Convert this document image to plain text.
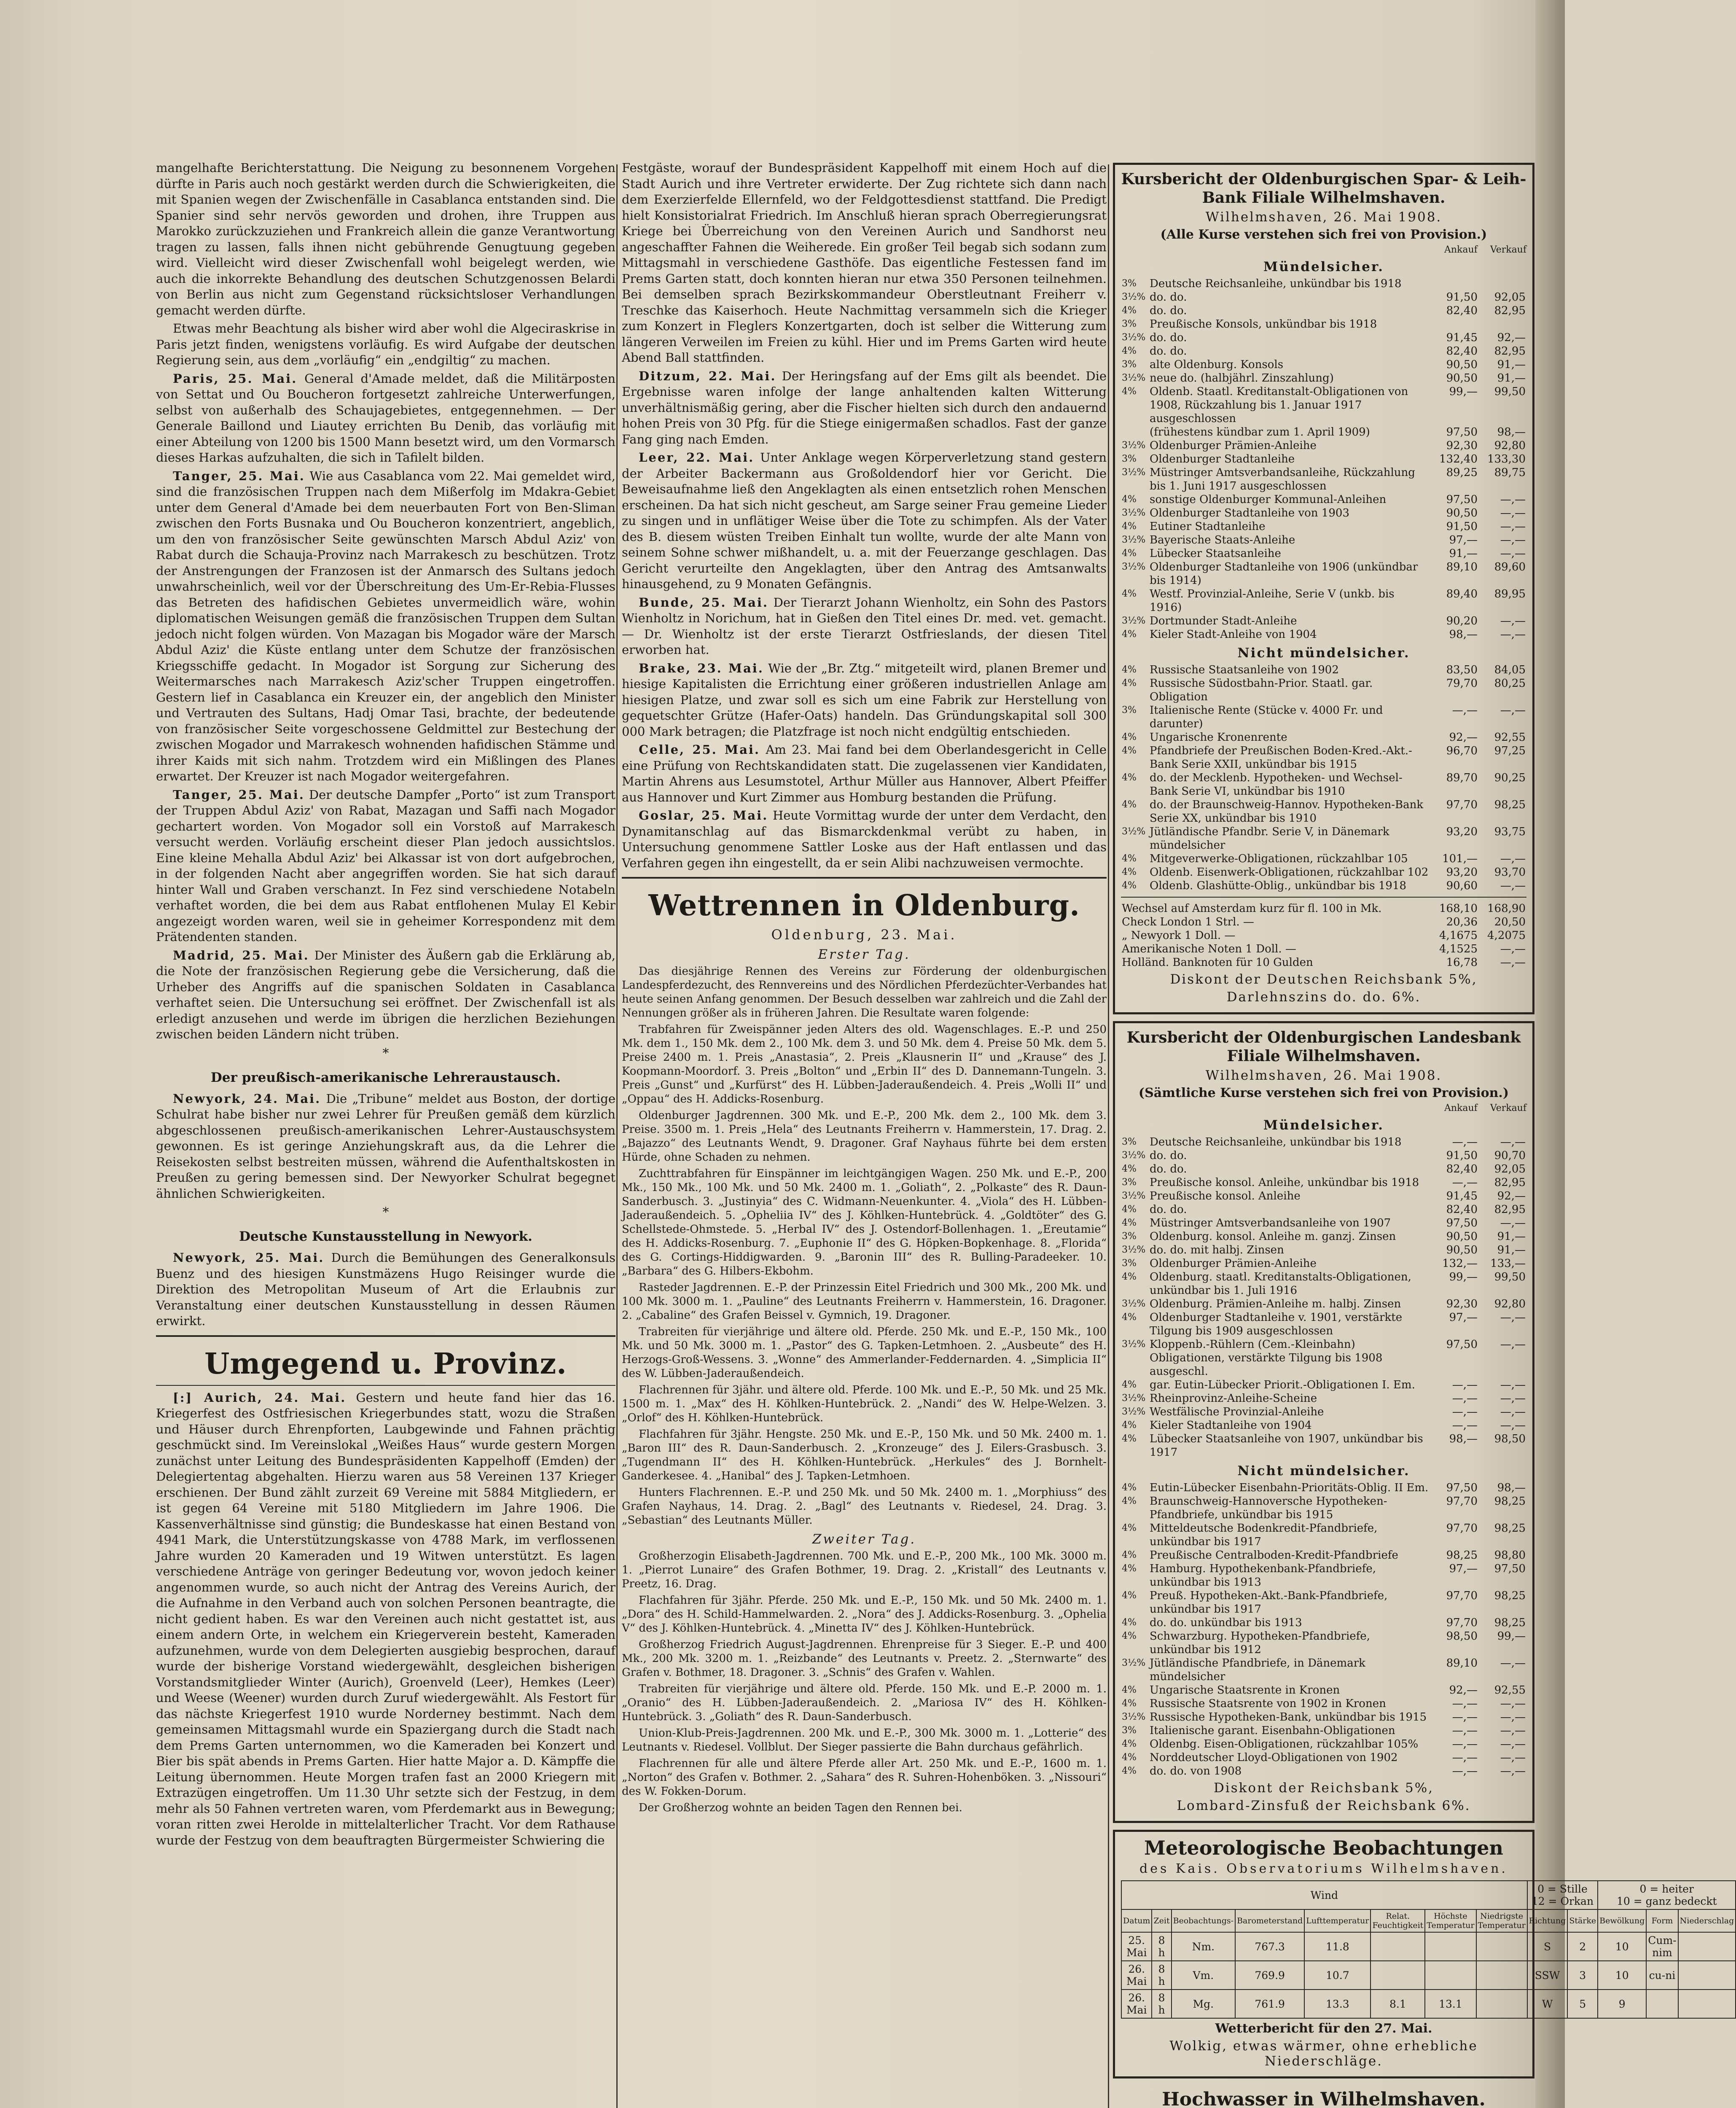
mangelhafte Berichterstattung. Die Neigung zu besonnenem Vorgehen dürfte in Paris auch noch gestärkt werden durch die Schwierigkeiten, die mit Spanien wegen der Zwischenfälle in Casablanca entstanden sind. Die Spanier sind sehr nervös geworden und drohen, ihre Truppen aus Marokko zurückzuziehen und Frankreich allein die ganze Verantwortung tragen zu lassen, falls ihnen nicht gebührende Genugtuung gegeben wird. Vielleicht wird dieser Zwischenfall wohl beigelegt werden, wie auch die inkorrekte Behandlung des deutschen Schutzgenossen Belardi von Berlin aus nicht zum Gegenstand rücksichtsloser Verhandlungen gemacht werden dürfte.

Etwas mehr Beachtung als bisher wird aber wohl die Algeciraskrise in Paris jetzt finden, wenigstens vorläufig. Es wird Aufgabe der deutschen Regierung sein, aus dem „vorläufig“ ein „endgiltig“ zu machen.

Paris, 25. Mai. General d'Amade meldet, daß die Militärposten von Settat und Ou Boucheron fortgesetzt zahlreiche Unterwerfungen, selbst von außerhalb des Schaujagebietes, entgegennehmen. — Der Generale Baillond und Liautey errichten Bu Denib, das vorläufig mit einer Abteilung von 1200 bis 1500 Mann besetzt wird, um den Vormarsch dieses Harkas aufzuhalten, die sich in Tafilelt bilden.

Tanger, 25. Mai. Wie aus Casablanca vom 22. Mai gemeldet wird, sind die französischen Truppen nach dem Mißerfolg im Mdakra-Gebiet unter dem General d'Amade bei dem neuerbauten Fort von Ben-Sliman zwischen den Forts Busnaka und Ou Boucheron konzentriert, angeblich, um den von französischer Seite gewünschten Marsch Abdul Aziz' von Rabat durch die Schauja-Provinz nach Marrakesch zu beschützen. Trotz der Anstrengungen der Franzosen ist der Anmarsch des Sultans jedoch unwahrscheinlich, weil vor der Überschreitung des Um-Er-Rebia-Flusses das Betreten des hafidischen Gebietes unvermeidlich wäre, wohin diplomatischen Weisungen gemäß die französischen Truppen dem Sultan jedoch nicht folgen würden. Von Mazagan bis Mogador wäre der Marsch Abdul Aziz' die Küste entlang unter dem Schutze der französischen Kriegsschiffe gedacht. In Mogador ist Sorgung zur Sicherung des Weitermarsches nach Marrakesch Aziz'scher Truppen eingetroffen. Gestern lief in Casablanca ein Kreuzer ein, der angeblich den Minister und Vertrauten des Sultans, Hadj Omar Tasi, brachte, der bedeutende von französischer Seite vorgeschossene Geldmittel zur Bestechung der zwischen Mogador und Marrakesch wohnenden hafidischen Stämme und ihrer Kaids mit sich nahm. Trotzdem wird ein Mißlingen des Planes erwartet. Der Kreuzer ist nach Mogador weitergefahren.

Tanger, 25. Mai. Der deutsche Dampfer „Porto“ ist zum Transport der Truppen Abdul Aziz' von Rabat, Mazagan und Saffi nach Mogador gechartert worden. Von Mogador soll ein Vorstoß auf Marrakesch versucht werden. Vorläufig erscheint dieser Plan jedoch aussichtslos. Eine kleine Mehalla Abdul Aziz' bei Alkassar ist von dort aufgebrochen, in der folgenden Nacht aber angegriffen worden. Sie hat sich darauf hinter Wall und Graben verschanzt. In Fez sind verschiedene Notabeln verhaftet worden, die bei dem aus Rabat entflohenen Mulay El Kebir angezeigt worden waren, weil sie in geheimer Korrespondenz mit dem Prätendenten standen.

Madrid, 25. Mai. Der Minister des Äußern gab die Erklärung ab, die Note der französischen Regierung gebe die Versicherung, daß die Urheber des Angriffs auf die spanischen Soldaten in Casablanca verhaftet seien. Die Untersuchung sei eröffnet. Der Zwischenfall ist als erledigt anzusehen und werde im übrigen die herzlichen Beziehungen zwischen beiden Ländern nicht trüben.

*
Der preußisch-amerikanische Lehreraustausch.

Newyork, 24. Mai. Die „Tribune“ meldet aus Boston, der dortige Schulrat habe bisher nur zwei Lehrer für Preußen gemäß dem kürzlich abgeschlossenen preußisch-amerikanischen Lehrer-Austauschsystem gewonnen. Es ist geringe Anziehungskraft aus, da die Lehrer die Reisekosten selbst bestreiten müssen, während die Aufenthaltskosten in Preußen zu gering bemessen sind. Der Newyorker Schulrat begegnet ähnlichen Schwierigkeiten.

*
Deutsche Kunstausstellung in Newyork.

Newyork, 25. Mai. Durch die Bemühungen des Generalkonsuls Buenz und des hiesigen Kunstmäzens Hugo Reisinger wurde die Direktion des Metropolitan Museum of Art die Erlaubnis zur Veranstaltung einer deutschen Kunstausstellung in dessen Räumen erwirkt.

Umgegend u. Provinz.

[:] Aurich, 24. Mai. Gestern und heute fand hier das 16. Kriegerfest des Ostfriesischen Kriegerbundes statt, wozu die Straßen und Häuser durch Ehrenpforten, Laubgewinde und Fahnen prächtig geschmückt sind. Im Vereinslokal „Weißes Haus“ wurde gestern Morgen zunächst unter Leitung des Bundespräsidenten Kappelhoff (Emden) der Delegiertentag abgehalten. Hierzu waren aus 58 Vereinen 137 Krieger erschienen. Der Bund zählt zurzeit 69 Vereine mit 5884 Mitgliedern, er ist gegen 64 Vereine mit 5180 Mitgliedern im Jahre 1906. Die Kassenverhältnisse sind günstig; die Bundeskasse hat einen Bestand von 4941 Mark, die Unterstützungskasse von 4788 Mark, im verflossenen Jahre wurden 20 Kameraden und 19 Witwen unterstützt. Es lagen verschiedene Anträge von geringer Bedeutung vor, wovon jedoch keiner angenommen wurde, so auch nicht der Antrag des Vereins Aurich, der die Aufnahme in den Verband auch von solchen Personen beantragte, die nicht gedient haben. Es war den Vereinen auch nicht gestattet ist, aus einem andern Orte, in welchem ein Kriegerverein besteht, Kameraden aufzunehmen, wurde von dem Delegierten ausgiebig besprochen, darauf wurde der bisherige Vorstand wiedergewählt, desgleichen bisherigen Vorstandsmitglieder Winter (Aurich), Groenveld (Leer), Hemkes (Leer) und Weese (Weener) wurden durch Zuruf wiedergewählt. Als Festort für das nächste Kriegerfest 1910 wurde Norderney bestimmt. Nach dem gemeinsamen Mittagsmahl wurde ein Spaziergang durch die Stadt nach dem Prems Garten unternommen, wo die Kameraden bei Konzert und Bier bis spät abends in Prems Garten. Hier hatte Major a. D. Kämpffe die Leitung übernommen. Heute Morgen trafen fast an 2000 Kriegern mit Extrazügen eingetroffen. Um 11.30 Uhr setzte sich der Festzug, in dem mehr als 50 Fahnen vertreten waren, vom Pferdemarkt aus in Bewegung; voran ritten zwei Herolde in mittelalterlicher Tracht. Vor dem Rathause wurde der Festzug von dem beauftragten Bürgermeister Schwiering die

Festgäste, worauf der Bundespräsident Kappelhoff mit einem Hoch auf die Stadt Aurich und ihre Vertreter erwiderte. Der Zug richtete sich dann nach dem Exerzierfelde Ellernfeld, wo der Feldgottesdienst stattfand. Die Predigt hielt Konsistorialrat Friedrich. Im Anschluß hieran sprach Oberregierungsrat Kriege bei Überreichung von den Vereinen Aurich und Sandhorst neu angeschaffter Fahnen die Weiherede. Ein großer Teil begab sich sodann zum Mittagsmahl in verschiedene Gasthöfe. Das eigentliche Festessen fand im Prems Garten statt, doch konnten hieran nur etwa 350 Personen teilnehmen. Bei demselben sprach Bezirkskommandeur Oberstleutnant Freiherr v. Treschke das Kaiserhoch. Heute Nachmittag versammeln sich die Krieger zum Konzert in Fleglers Konzertgarten, doch ist selber die Witterung zum längeren Verweilen im Freien zu kühl. Hier und im Prems Garten wird heute Abend Ball stattfinden.

Ditzum, 22. Mai. Der Heringsfang auf der Ems gilt als beendet. Die Ergebnisse waren infolge der lange anhaltenden kalten Witterung unverhältnismäßig gering, aber die Fischer hielten sich durch den andauernd hohen Preis von 30 Pfg. für die Stiege einigermaßen schadlos. Fast der ganze Fang ging nach Emden.

Leer, 22. Mai. Unter Anklage wegen Körperverletzung stand gestern der Arbeiter Backermann aus Großoldendorf hier vor Gericht. Die Beweisaufnahme ließ den Angeklagten als einen entsetzlich rohen Menschen erscheinen. Da hat sich nicht gescheut, am Sarge seiner Frau gemeine Lieder zu singen und in unflätiger Weise über die Tote zu schimpfen. Als der Vater des B. diesem wüsten Treiben Einhalt tun wollte, wurde der alte Mann von seinem Sohne schwer mißhandelt, u. a. mit der Feuerzange geschlagen. Das Gericht verurteilte den Angeklagten, über den Antrag des Amtsanwalts hinausgehend, zu 9 Monaten Gefängnis.

Bunde, 25. Mai. Der Tierarzt Johann Wienholtz, ein Sohn des Pastors Wienholtz in Norichum, hat in Gießen den Titel eines Dr. med. vet. gemacht. — Dr. Wienholtz ist der erste Tierarzt Ostfrieslands, der diesen Titel erworben hat.

Brake, 23. Mai. Wie der „Br. Ztg.“ mitgeteilt wird, planen Bremer und hiesige Kapitalisten die Errichtung einer größeren industriellen Anlage am hiesigen Platze, und zwar soll es sich um eine Fabrik zur Herstellung von gequetschter Grütze (Hafer-Oats) handeln. Das Gründungskapital soll 300 000 Mark betragen; die Platzfrage ist noch nicht endgültig entschieden.

Celle, 25. Mai. Am 23. Mai fand bei dem Oberlandesgericht in Celle eine Prüfung von Rechtskandidaten statt. Die zugelassenen vier Kandidaten, Martin Ahrens aus Lesumstotel, Arthur Müller aus Hannover, Albert Pfeiffer aus Hannover und Kurt Zimmer aus Homburg bestanden die Prüfung.

Goslar, 25. Mai. Heute Vormittag wurde der unter dem Verdacht, den Dynamitanschlag auf das Bismarckdenkmal verübt zu haben, in Untersuchung genommene Sattler Loske aus der Haft entlassen und das Verfahren gegen ihn eingestellt, da er sein Alibi nachzuweisen vermochte.

Wettrennen in Oldenburg.
Oldenburg, 23. Mai.
Erster Tag.

Das diesjährige Rennen des Vereins zur Förderung der oldenburgischen Landespferdezucht, des Rennvereins und des Nördlichen Pferdezüchter-Verbandes hat heute seinen Anfang genommen. Der Besuch desselben war zahlreich und die Zahl der Nennungen größer als in früheren Jahren. Die Resultate waren folgende:

Trabfahren für Zweispänner jeden Alters des old. Wagenschlages. E.-P. und 250 Mk. dem 1., 150 Mk. dem 2., 100 Mk. dem 3. und 50 Mk. dem 4. Preise 50 Mk. dem 5. Preise 2400 m. 1. Preis „Anastasia“, 2. Preis „Klausnerin II“ und „Krause“ des J. Koopmann-Moordorf. 3. Preis „Bolton“ und „Erbin II“ des D. Dannemann-Tungeln. 3. Preis „Gunst“ und „Kurfürst“ des H. Lübben-Jaderaußendeich. 4. Preis „Wolli II“ und „Oppau“ des H. Addicks-Rosenburg.

Oldenburger Jagdrennen. 300 Mk. und E.-P., 200 Mk. dem 2., 100 Mk. dem 3. Preise. 3500 m. 1. Preis „Hela“ des Leutnants Freiherrn v. Hammerstein, 17. Drag. 2. „Bajazzo“ des Leutnants Wendt, 9. Dragoner. Graf Nayhaus führte bei dem ersten Hürde, ohne Schaden zu nehmen.

Zuchttrabfahren für Einspänner im leichtgängigen Wagen. 250 Mk. und E.-P., 200 Mk., 150 Mk., 100 Mk. und 50 Mk. 2400 m. 1. „Goliath“, 2. „Polkaste“ des R. Daun-Sanderbusch. 3. „Justinyia“ des C. Widmann-Neuenkunter. 4. „Viola“ des H. Lübben-Jaderaußendeich. 5. „Opheliia IV“ des J. Köhlken-Huntebrück. 4. „Goldtöter“ des G. Schellstede-Ohmstede. 5. „Herbal IV“ des J. Ostendorf-Bollenhagen. 1. „Ereutamie“ des H. Addicks-Rosenburg. 7. „Euphonie II“ des G. Höpken-Bopkenhage. 8. „Florida“ des G. Cortings-Hiddigwarden. 9. „Baronin III“ des R. Bulling-Paradeeker. 10. „Barbara“ des G. Hilbers-Ekbohm.

Rasteder Jagdrennen. E.-P. der Prinzessin Eitel Friedrich und 300 Mk., 200 Mk. und 100 Mk. 3000 m. 1. „Pauline“ des Leutnants Freiherrn v. Hammerstein, 16. Dragoner. 2. „Cabaline“ des Grafen Beissel v. Gymnich, 19. Dragoner.

Trabreiten für vierjährige und ältere old. Pferde. 250 Mk. und E.-P., 150 Mk., 100 Mk. und 50 Mk. 3000 m. 1. „Pastor“ des G. Tapken-Letmhoen. 2. „Ausbeute“ des H. Herzogs-Groß-Wessens. 3. „Wonne“ des Ammerlander-Feddernarden. 4. „Simplicia II“ des W. Lübben-Jaderaußendeich.

Flachrennen für 3jähr. und ältere old. Pferde. 100 Mk. und E.-P., 50 Mk. und 25 Mk. 1500 m. 1. „Max“ des H. Köhlken-Huntebrück. 2. „Nandi“ des W. Helpe-Welzen. 3. „Orlof“ des H. Köhlken-Huntebrück.

Flachfahren für 3jähr. Hengste. 250 Mk. und E.-P., 150 Mk. und 50 Mk. 2400 m. 1. „Baron III“ des R. Daun-Sanderbusch. 2. „Kronzeuge“ des J. Eilers-Grasbusch. 3. „Tugendmann II“ des H. Köhlken-Huntebrück. „Herkules“ des J. Bornhelt-Ganderkesee. 4. „Hanibal“ des J. Tapken-Letmhoen.

Hunters Flachrennen. E.-P. und 250 Mk. und 50 Mk. 2400 m. 1. „Morphiuss“ des Grafen Nayhaus, 14. Drag. 2. „Bagl“ des Leutnants v. Riedesel, 24. Drag. 3. „Sebastian“ des Leutnants Müller.

Zweiter Tag.

Großherzogin Elisabeth-Jagdrennen. 700 Mk. und E.-P., 200 Mk., 100 Mk. 3000 m. 1. „Pierrot Lunaire“ des Grafen Bothmer, 19. Drag. 2. „Kristall“ des Leutnants v. Preetz, 16. Drag.

Flachfahren für 3jähr. Pferde. 250 Mk. und E.-P., 150 Mk. und 50 Mk. 2400 m. 1. „Dora“ des H. Schild-Hammelwarden. 2. „Nora“ des J. Addicks-Rosenburg. 3. „Ophelia V“ des J. Köhlken-Huntebrück. 4. „Minetta IV“ des J. Köhlken-Huntebrück.

Großherzog Friedrich August-Jagdrennen. Ehrenpreise für 3 Sieger. E.-P. und 400 Mk., 200 Mk. 3200 m. 1. „Reizbande“ des Leutnants v. Preetz. 2. „Sternwarte“ des Grafen v. Bothmer, 18. Dragoner. 3. „Schnis“ des Grafen v. Wahlen.

Trabreiten für vierjährige und ältere old. Pferde. 150 Mk. und E.-P. 2000 m. 1. „Oranio“ des H. Lübben-Jaderaußendeich. 2. „Mariosa IV“ des H. Köhlken-Huntebrück. 3. „Goliath“ des R. Daun-Sanderbusch.

Union-Klub-Preis-Jagdrennen. 200 Mk. und E.-P., 300 Mk. 3000 m. 1. „Lotterie“ des Leutnants v. Riedesel. Vollblut. Der Sieger passierte die Bahn durchaus gefährlich.

Flachrennen für alle und ältere Pferde aller Art. 250 Mk. und E.-P., 1600 m. 1. „Norton“ des Grafen v. Bothmer. 2. „Sahara“ des R. Suhren-Hohenböken. 3. „Nissouri“ des W. Fokken-Dorum.

Der Großherzog wohnte an beiden Tagen den Rennen bei.

Kursbericht der Oldenburgischen Spar- & Leih-Bank Filiale Wilhelmshaven.
Wilhelmshaven, 26. Mai 1908.
(Alle Kurse verstehen sich frei von Provision.)
Ankauf Verkauf
Mündelsicher.
3%	Deutsche Reichsanleihe, unkündbar bis 1918		
3½%	do. do.	91,50	92,05
4%	do. do.	82,40	82,95
3%	Preußische Konsols, unkündbar bis 1918		
3½%	do. do.	91,45	92,—
4%	do. do.	82,40	82,95
3%	alte Oldenburg. Konsols	90,50	91,—
3½%	neue do. (halbjährl. Zinszahlung)	90,50	91,—
4%	Oldenb. Staatl. Kreditanstalt-Obligationen von 1908, Rückzahlung bis 1. Januar 1917 ausgeschlossen	99,—	99,50
	(frühestens kündbar zum 1. April 1909)	97,50	98,—
3½%	Oldenburger Prämien-Anleihe	92,30	92,80
3%	Oldenburger Stadtanleihe	132,40	133,30
3½%	Müstringer Amtsverbandsanleihe, Rückzahlung bis 1. Juni 1917 ausgeschlossen	89,25	89,75
4%	sonstige Oldenburger Kommunal-Anleihen	97,50	—,—
3½%	Oldenburger Stadtanleihe von 1903	90,50	—,—
4%	Eutiner Stadtanleihe	91,50	—,—
3½%	Bayerische Staats-Anleihe	97,—	—,—
4%	Lübecker Staatsanleihe	91,—	—,—
3½%	Oldenburger Stadtanleihe von 1906 (unkündbar bis 1914)	89,10	89,60
4%	Westf. Provinzial-Anleihe, Serie V (unkb. bis 1916)	89,40	89,95
3½%	Dortmunder Stadt-Anleihe	90,20	—,—
4%	Kieler Stadt-Anleihe von 1904	98,—	—,—
Nicht mündelsicher.
4%	Russische Staatsanleihe von 1902	83,50	84,05
4%	Russische Südostbahn-Prior. Staatl. gar. Obligation	79,70	80,25
3%	Italienische Rente (Stücke v. 4000 Fr. und darunter)	—,—	—,—
4%	Ungarische Kronenrente	92,—	92,55
4%	Pfandbriefe der Preußischen Boden-Kred.-Akt.-Bank Serie XXII, unkündbar bis 1915	96,70	97,25
4%	do. der Mecklenb. Hypotheken- und Wechsel-Bank Serie VI, unkündbar bis 1910	89,70	90,25
4%	do. der Braunschweig-Hannov. Hypotheken-Bank Serie XX, unkündbar bis 1910	97,70	98,25
3½%	Jütländische Pfandbr. Serie V, in Dänemark mündelsicher	93,20	93,75
4%	Mitgeverwerke-Obligationen, rückzahlbar 105	101,—	—,—
4%	Oldenb. Eisenwerk-Obligationen, rückzahlbar 102	93,20	93,70
4%	Oldenb. Glashütte-Oblig., unkündbar bis 1918	90,60	—,—
Wechsel auf Amsterdam kurz für fl. 100 in Mk.	168,10	168,90
Check London 1 Strl. —	20,36	20,50
„ Newyork 1 Doll. —	4,1675	4,2075
Amerikanische Noten 1 Doll. —	4,1525	—,—
Holländ. Banknoten für 10 Gulden	16,78	—,—
Diskont der Deutschen Reichsbank 5%,
Darlehnszins do. do. 6%.
Kursbericht der Oldenburgischen Landesbank Filiale Wilhelmshaven.
Wilhelmshaven, 26. Mai 1908.
(Sämtliche Kurse verstehen sich frei von Provision.)
Ankauf Verkauf
Mündelsicher.
3%	Deutsche Reichsanleihe, unkündbar bis 1918	—,—	—,—
3½%	do. do.	91,50	90,70
4%	do. do.	82,40	92,05
3%	Preußische konsol. Anleihe, unkündbar bis 1918	—,—	82,95
3½%	Preußische konsol. Anleihe	91,45	92,—
4%	do. do.	82,40	82,95
4%	Müstringer Amtsverbandsanleihe von 1907	97,50	—,—
3%	Oldenburg. konsol. Anleihe m. ganzj. Zinsen	90,50	91,—
3½%	do. do. mit halbj. Zinsen	90,50	91,—
3%	Oldenburger Prämien-Anleihe	132,—	133,—
4%	Oldenburg. staatl. Kreditanstalts-Obligationen, unkündbar bis 1. Juli 1916	99,—	99,50
3½%	Oldenburg. Prämien-Anleihe m. halbj. Zinsen	92,30	92,80
4%	Oldenburger Stadtanleihe v. 1901, verstärkte Tilgung bis 1909 ausgeschlossen	97,—	—,—
3½%	Kloppenb.-Rühlern (Cem.-Kleinbahn) Obligationen, verstärkte Tilgung bis 1908 ausgeschl.	97,50	—,—
4%	gar. Eutin-Lübecker Priorit.-Obligationen I. Em.	—,—	—,—
3½%	Rheinprovinz-Anleihe-Scheine	—,—	—,—
3½%	Westfälische Provinzial-Anleihe	—,—	—,—
4%	Kieler Stadtanleihe von 1904	—,—	—,—
4%	Lübecker Staatsanleihe von 1907, unkündbar bis 1917	98,—	98,50
Nicht mündelsicher.
4%	Eutin-Lübecker Eisenbahn-Prioritäts-Oblig. II Em.	97,50	98,—
4%	Braunschweig-Hannoversche Hypotheken-Pfandbriefe, unkündbar bis 1915	97,70	98,25
4%	Mitteldeutsche Bodenkredit-Pfandbriefe, unkündbar bis 1917	97,70	98,25
4%	Preußische Centralboden-Kredit-Pfandbriefe	98,25	98,80
4%	Hamburg. Hypothekenbank-Pfandbriefe, unkündbar bis 1913	97,—	97,50
4%	Preuß. Hypotheken-Akt.-Bank-Pfandbriefe, unkündbar bis 1917	97,70	98,25
4%	do. do. unkündbar bis 1913	97,70	98,25
4%	Schwarzburg. Hypotheken-Pfandbriefe, unkündbar bis 1912	98,50	99,—
3½%	Jütländische Pfandbriefe, in Dänemark mündelsicher	89,10	—,—
4%	Ungarische Staatsrente in Kronen	92,—	92,55
4%	Russische Staatsrente von 1902 in Kronen	—,—	—,—
3½%	Russische Hypotheken-Bank, unkündbar bis 1915	—,—	—,—
3%	Italienische garant. Eisenbahn-Obligationen	—,—	—,—
4%	Oldenbg. Eisen-Obligationen, rückzahlbar 105%	—,—	—,—
4%	Norddeutscher Lloyd-Obligationen von 1902	—,—	—,—
4%	do. do. von 1908	—,—	—,—
Diskont der Reichsbank 5%,
Lombard-Zinsfuß der Reichsbank 6%.
Meteorologische Beobachtungen
des Kais. Observatoriums Wilhelmshaven.
Wind								0 = Stille
12 = Orkan		0 = heiter
10 = ganz bedeckt		
Datum	Zeit	Beobachtungs-	Barometerstand	Lufttemperatur	Relat. Feuchtigkeit	Höchste Temperatur	Niedrigste Temperatur	Richtung	Stärke	Bewölkung	Form	Niederschlag
25. Mai	8 h	Nm.	767.3	11.8				S	2	10	Cum-nim	
26. Mai	8 h	Vm.	769.9	10.7				SSW	3	10	cu-ni	
26. Mai	8 h	Mg.	761.9	13.3	8.1	13.1		W	5	9		
Wetterbericht für den 27. Mai.
Wolkig, etwas wärmer, ohne erhebliche Niederschläge.
Hochwasser in Wilhelmshaven.
